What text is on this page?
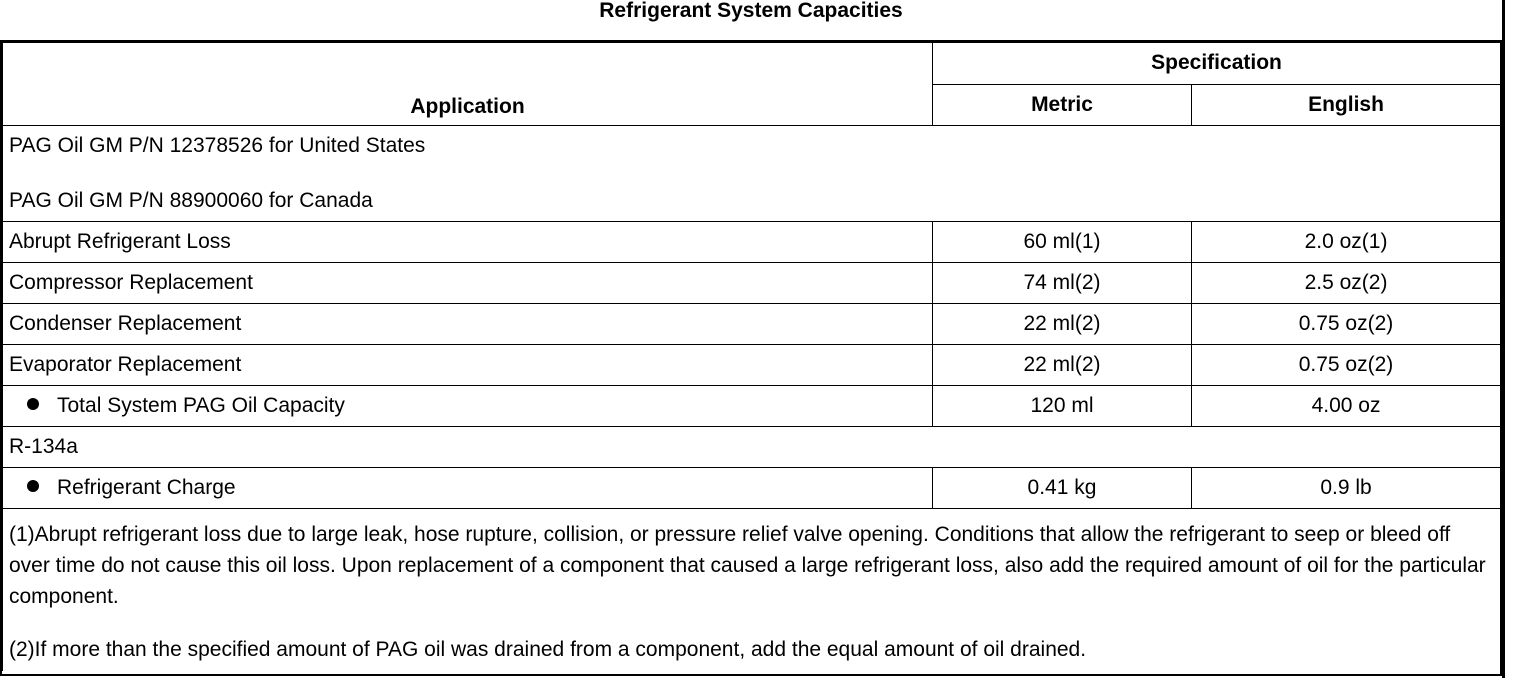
Refrigerant System Capacities
Application	Specification	
	Metric	English

PAG Oil GM P/N 12378526 for United States

PAG Oil GM P/N 88900060 for Canada		

Abrupt Refrigerant Loss	60 ml(1)	2.0 oz(1)
Compressor Replacement	74 ml(2)	2.5 oz(2)
Condenser Replacement	22 ml(2)	0.75 oz(2)
Evaporator Replacement	22 ml(2)	0.75 oz(2)
Total System PAG Oil Capacity	120 ml	4.00 oz
R-134a		
Refrigerant Charge	0.41 kg	0.9 lb

(1)Abrupt refrigerant loss due to large leak, hose rupture, collision, or pressure relief valve opening. Conditions that allow the refrigerant to seep or bleed off over time do not cause this oil loss. Upon replacement of a component that caused a large refrigerant loss, also add the required amount of oil for the particular component.

(2)If more than the specified amount of PAG oil was drained from a component, add the equal amount of oil drained.		
